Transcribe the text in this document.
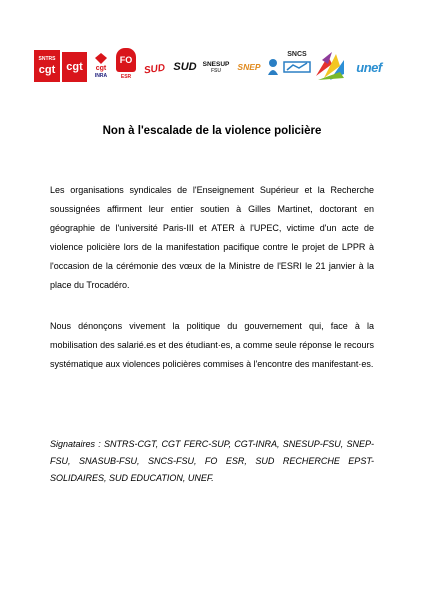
SNTRS
cgt cgt cgt
INRA
FO
ESR
SUD SUD SNESUP
FSU SNEP
SNCS
unef
Non à l'escalade de la violence policière

Les organisations syndicales de l'Enseignement Supérieur et la Recherche soussignées affirment leur entier soutien à Gilles Martinet, doctorant en géographie de l'université Paris-III et ATER à l'UPEC, victime d'un acte de violence policière lors de la manifestation pacifique contre le projet de LPPR à l'occasion de la cérémonie des vœux de la Ministre de l'ESRI le 21 janvier à la place du Trocadéro.

Nous dénonçons vivement la politique du gouvernement qui, face à la mobilisation des salarié.es et des étudiant·es, a comme seule réponse le recours systématique aux violences policières commises à l'encontre des manifestant·es.

Signataires : SNTRS-CGT, CGT FERC-SUP, CGT-INRA, SNESUP-FSU, SNEP-FSU, SNASUB-FSU, SNCS-FSU, FO ESR, SUD RECHERCHE EPST-SOLIDAIRES, SUD EDUCATION, UNEF.
